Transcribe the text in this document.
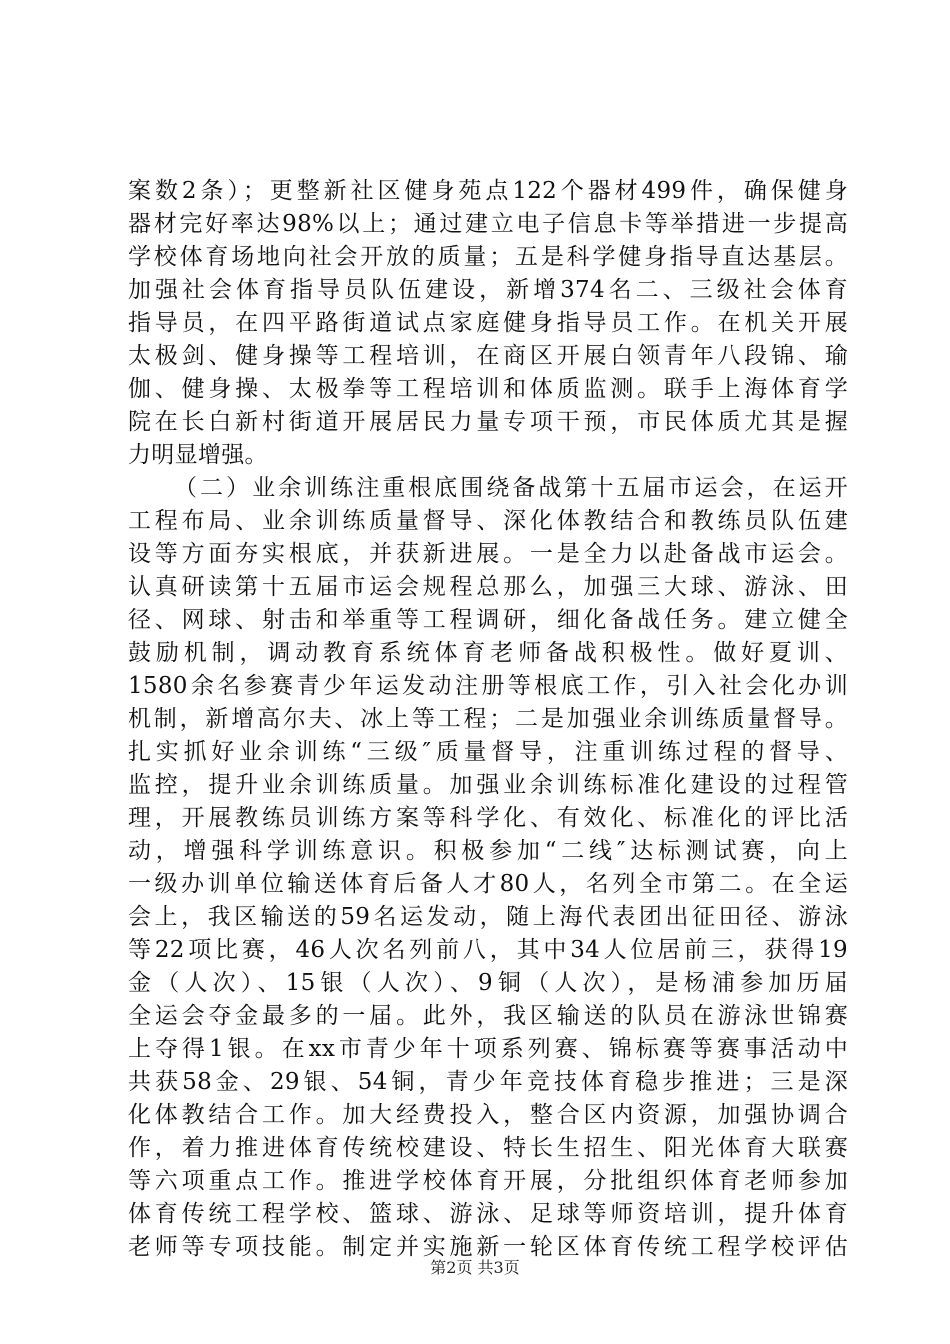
案数2条）；更整新社区健身苑点122个器材499件，确保健身
器材完好率达98%以上；通过建立电子信息卡等举措进一步提高
学校体育场地向社会开放的质量；五是科学健身指导直达基层。
加强社会体育指导员队伍建设，新增374名二、三级社会体育
指导员，在四平路街道试点家庭健身指导员工作。在机关开展
太极剑、健身操等工程培训，在商区开展白领青年八段锦、瑜
伽、健身操、太极拳等工程培训和体质监测。联手上海体育学
院在长白新村街道开展居民力量专项干预，市民体质尤其是握
力明显增强。
（二）业余训练注重根底围绕备战第十五届市运会，在运开
工程布局、业余训练质量督导、深化体教结合和教练员队伍建
设等方面夯实根底，并获新进展。一是全力以赴备战市运会。
认真研读第十五届市运会规程总那么，加强三大球、游泳、田
径、网球、射击和举重等工程调研，细化备战任务。建立健全
鼓励机制，调动教育系统体育老师备战积极性。做好夏训、
1580余名参赛青少年运发动注册等根底工作，引入社会化办训
机制，新增高尔夫、冰上等工程；二是加强业余训练质量督导。
扎实抓好业余训练“三级″质量督导，注重训练过程的督导、
监控，提升业余训练质量。加强业余训练标准化建设的过程管
理，开展教练员训练方案等科学化、有效化、标准化的评比活
动，增强科学训练意识。积极参加“二线″达标测试赛，向上
一级办训单位输送体育后备人才80人，名列全市第二。在全运
会上，我区输送的59名运发动，随上海代表团出征田径、游泳
等22项比赛，46人次名列前八，其中34人位居前三，获得19
金（人次）、15银（人次）、9铜（人次），是杨浦参加历届
全运会夺金最多的一届。此外，我区输送的队员在游泳世锦赛
上夺得1银。在xx市青少年十项系列赛、锦标赛等赛事活动中
共获58金、29银、54铜，青少年竞技体育稳步推进；三是深
化体教结合工作。加大经费投入，整合区内资源，加强协调合
作，着力推进体育传统校建设、特长生招生、阳光体育大联赛
等六项重点工作。推进学校体育开展，分批组织体育老师参加
体育传统工程学校、篮球、游泳、足球等师资培训，提升体育
老师等专项技能。制定并实施新一轮区体育传统工程学校评估
第2页 共3页
